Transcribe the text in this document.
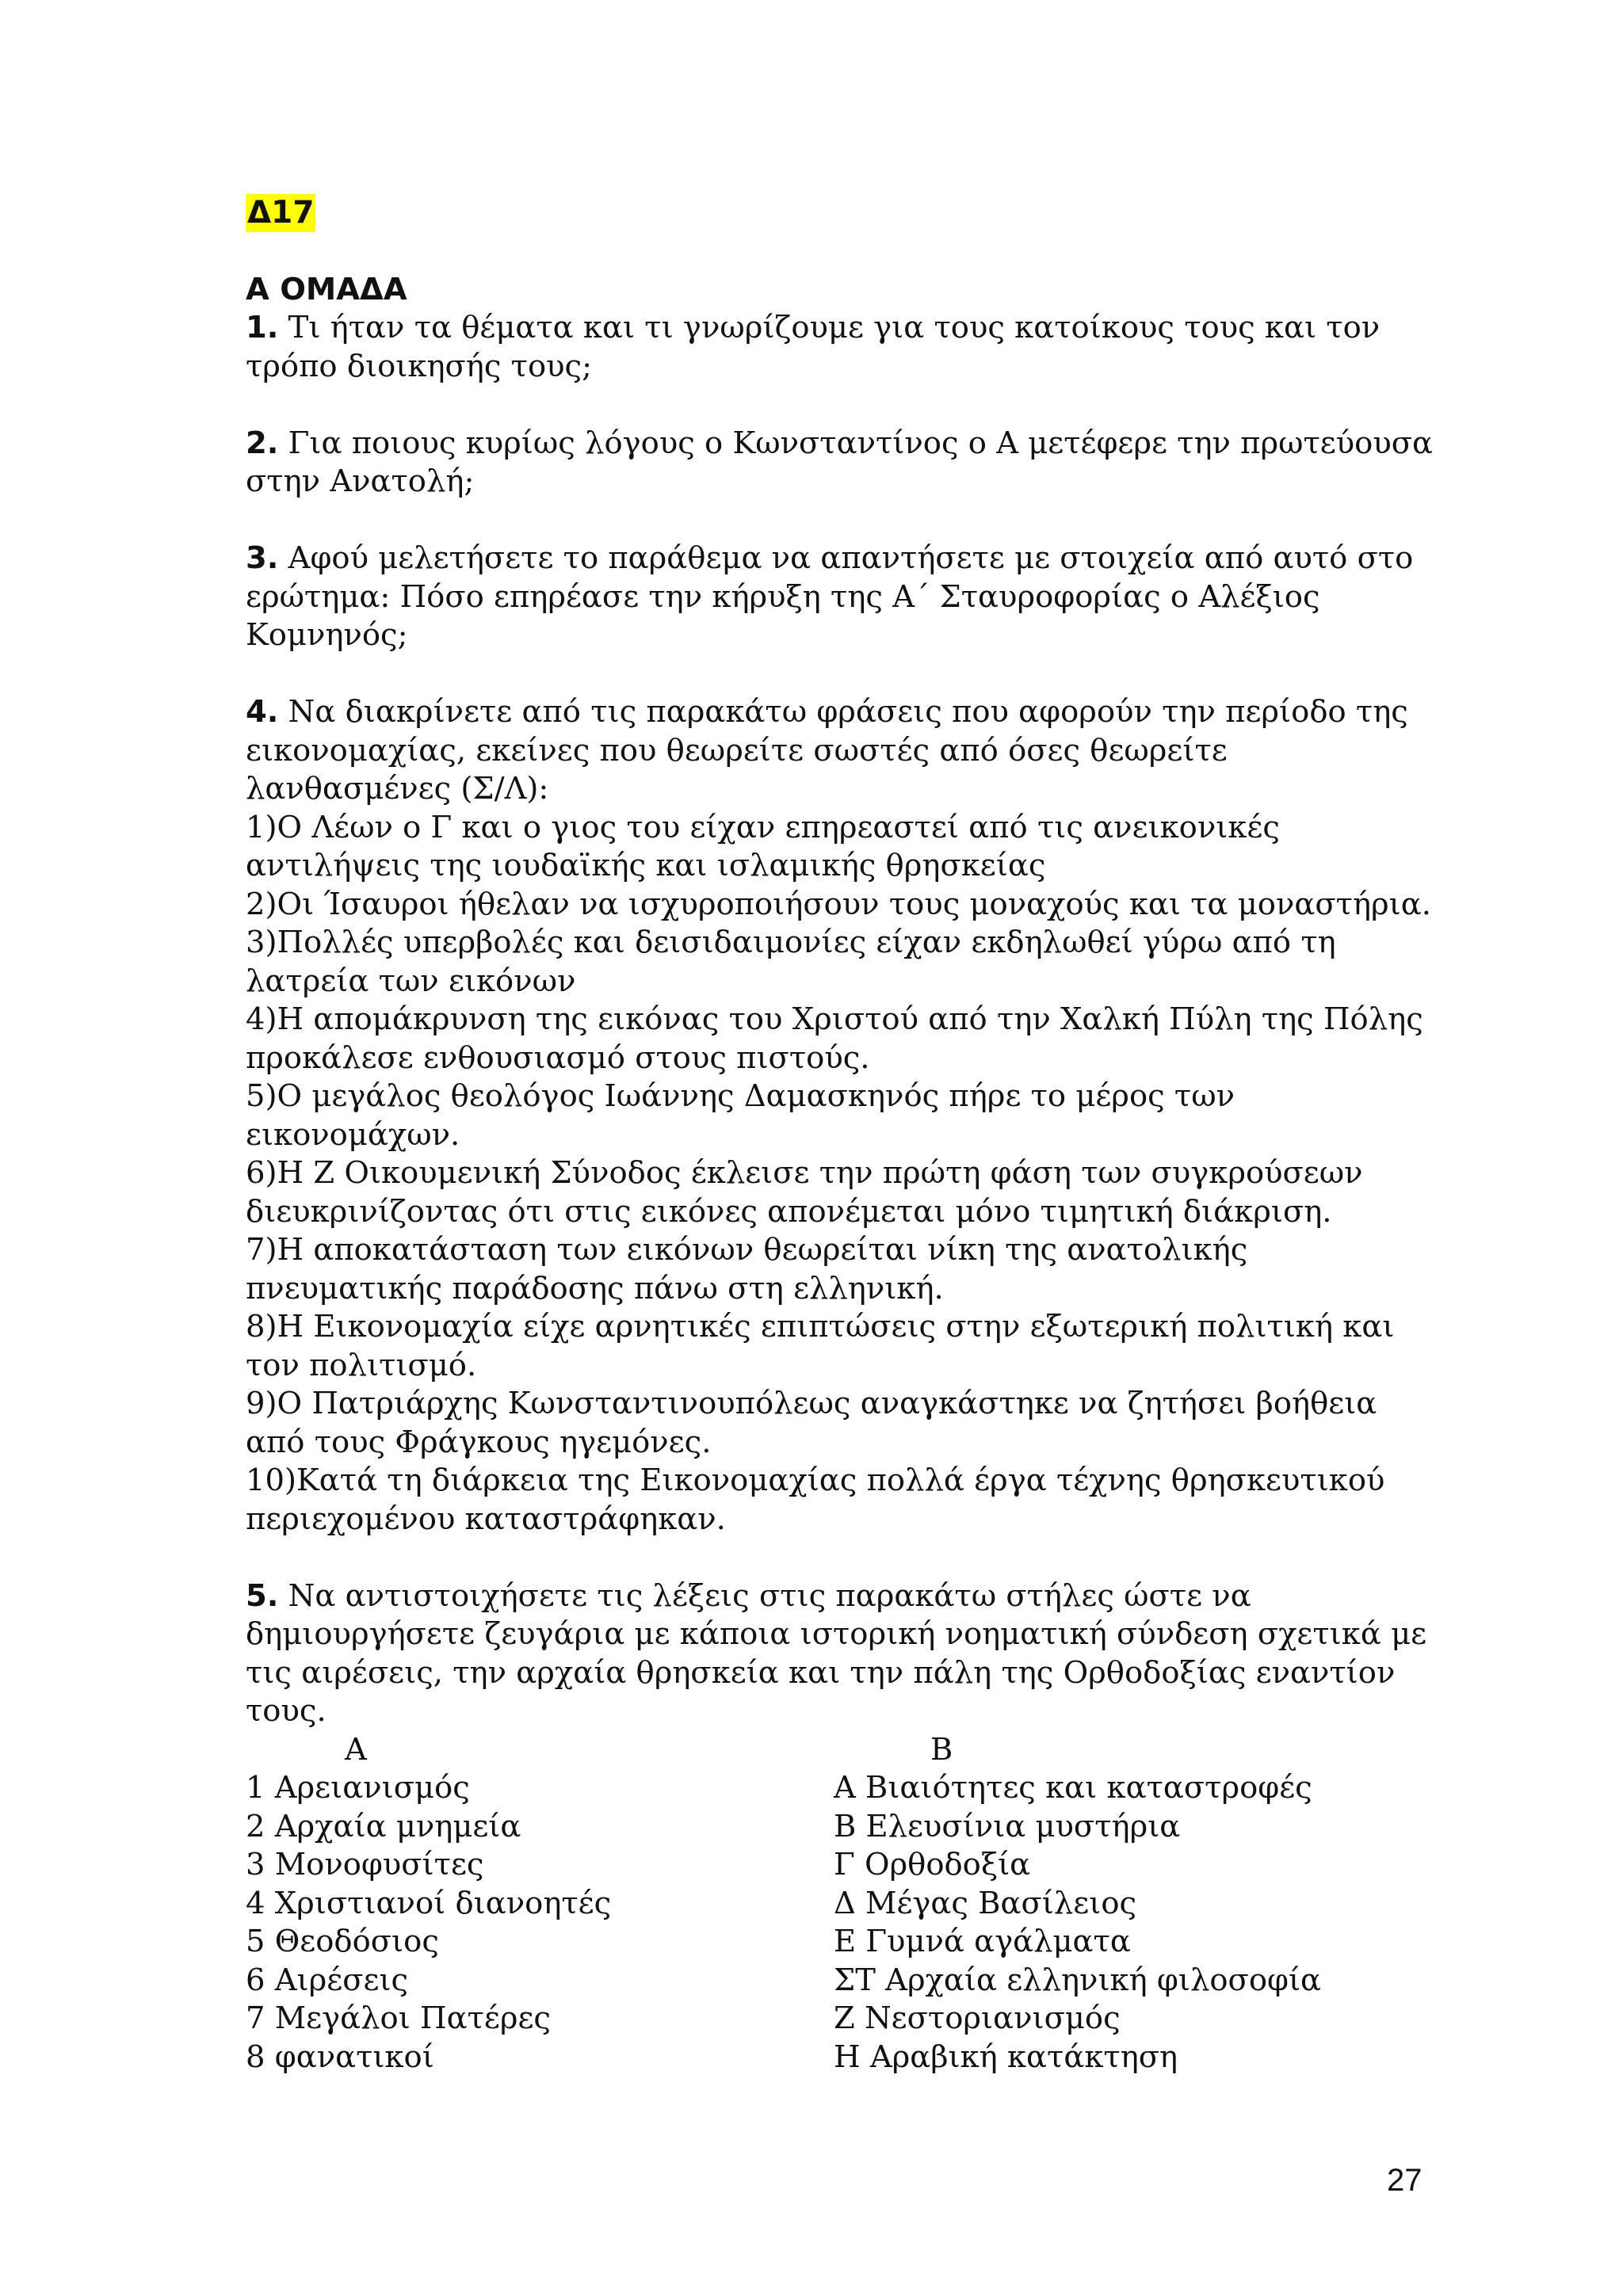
Δ17
Α ΟΜΑΔΑ
1. Τι ήταν τα θέματα και τι γνωρίζουμε για τους κατοίκους τους και τον τρόπο διοικησής τους;
2. Για ποιους κυρίως λόγους ο Κωνσταντίνος ο Α μετέφερε την πρωτεύουσα στην Ανατολή;
3. Αφού μελετήσετε το παράθεμα να απαντήσετε με στοιχεία από αυτό στο ερώτημα: Πόσο επηρέασε την κήρυξη της Α΄ Σταυροφορίας ο Αλέξιος Κομνηνός;
4. Να διακρίνετε από τις παρακάτω φράσεις που αφορούν την περίοδο της εικονομαχίας, εκείνες που θεωρείτε σωστές από όσες θεωρείτε λανθασμένες (Σ/Λ):
1)Ο Λέων ο Γ και ο γιος του είχαν επηρεαστεί από τις ανεικονικές αντιλήψεις της ιουδαϊκής και ισλαμικής θρησκείας
2)Οι Ίσαυροι ήθελαν να ισχυροποιήσουν τους μοναχούς και τα μοναστήρια.
3)Πολλές υπερβολές και δεισιδαιμονίες είχαν εκδηλωθεί γύρω από τη λατρεία των εικόνων
4)Η απομάκρυνση της εικόνας του Χριστού από την Χαλκή Πύλη της Πόλης προκάλεσε ενθουσιασμό στους πιστούς.
5)Ο μεγάλος θεολόγος Ιωάννης Δαμασκηνός πήρε το μέρος των εικονομάχων.
6)Η Ζ Οικουμενική Σύνοδος έκλεισε την πρώτη φάση των συγκρούσεων διευκρινίζοντας ότι στις εικόνες απονέμεται μόνο τιμητική διάκριση.
7)Η αποκατάσταση των εικόνων θεωρείται νίκη της ανατολικής πνευματικής παράδοσης πάνω στη ελληνική.
8)Η Εικονομαχία είχε αρνητικές επιπτώσεις στην εξωτερική πολιτική και τον πολιτισμό.
9)Ο Πατριάρχης Κωνσταντινουπόλεως αναγκάστηκε να ζητήσει βοήθεια από τους Φράγκους ηγεμόνες.
10)Κατά τη διάρκεια της Εικονομαχίας πολλά έργα τέχνης θρησκευτικού περιεχομένου καταστράφηκαν.
5. Να αντιστοιχήσετε τις λέξεις στις παρακάτω στήλες ώστε να δημιουργήσετε ζευγάρια με κάποια ιστορική νοηματική σύνδεση σχετικά με τις αιρέσεις, την αρχαία θρησκεία και την πάλη της Ορθοδοξίας εναντίον τους.
Α	Β
1 Αρειανισμός	Α Βιαιότητες και καταστροφές
2 Αρχαία μνημεία	Β Ελευσίνια μυστήρια
3 Μονοφυσίτες	Γ Ορθοδοξία
4 Χριστιανοί διανοητές	Δ Μέγας Βασίλειος
5 Θεοδόσιος	Ε Γυμνά αγάλματα
6 Αιρέσεις	ΣΤ Αρχαία ελληνική φιλοσοφία
7 Μεγάλοι Πατέρες	Ζ Νεστοριανισμός
8 φανατικοί	Η Αραβική κατάκτηση
27
